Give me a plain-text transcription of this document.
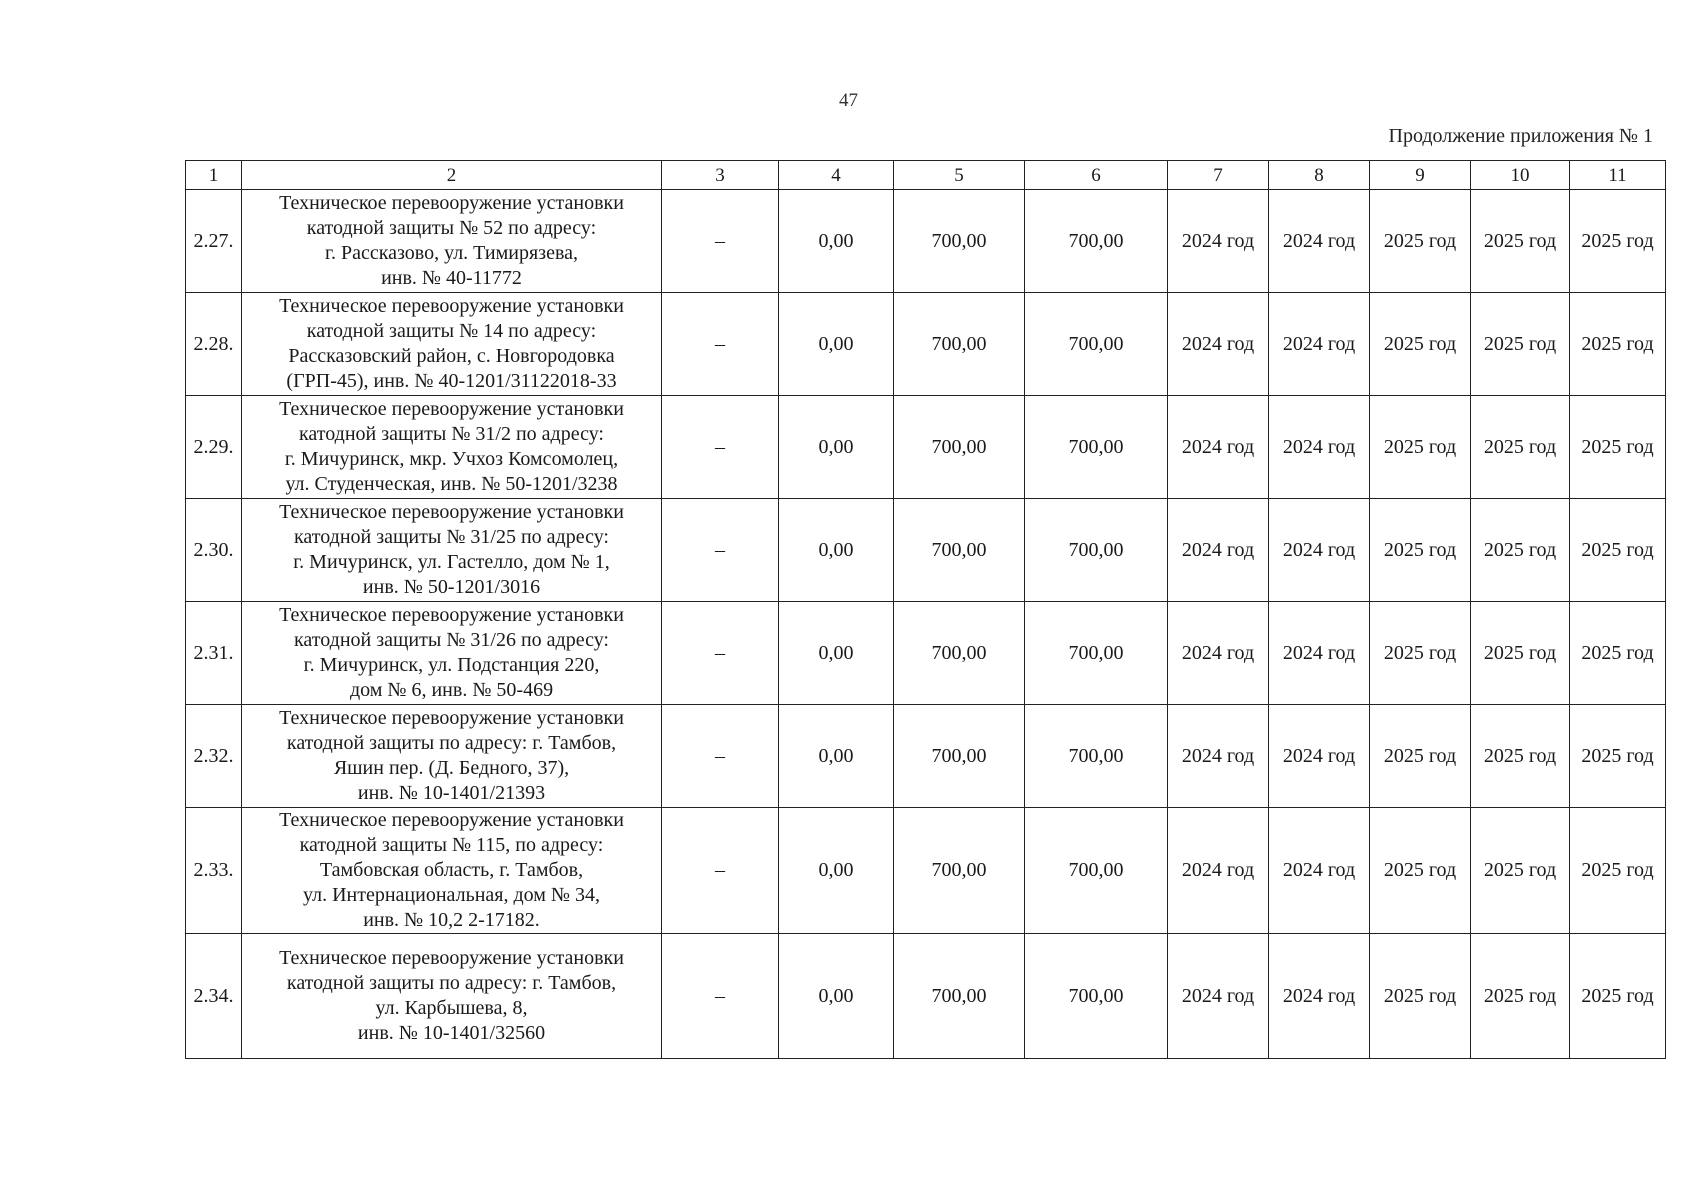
47
Продолжение приложения № 1
1	2	3	4	5	6	7	8	9	10	11
2.27.	Техническое перевооружение установки
катодной защиты № 52 по адресу:
г. Рассказово, ул. Тимирязева,
инв. № 40-11772	–	0,00	700,00	700,00	2024 год	2024 год	2025 год	2025 год	2025 год
2.28.	Техническое перевооружение установки
катодной защиты № 14 по адресу:
Рассказовский район, с. Новгородовка
(ГРП-45), инв. № 40-1201/31122018-33	–	0,00	700,00	700,00	2024 год	2024 год	2025 год	2025 год	2025 год
2.29.	Техническое перевооружение установки
катодной защиты № 31/2 по адресу:
г. Мичуринск, мкр. Учхоз Комсомолец,
ул. Студенческая, инв. № 50-1201/3238	–	0,00	700,00	700,00	2024 год	2024 год	2025 год	2025 год	2025 год
2.30.	Техническое перевооружение установки
катодной защиты № 31/25 по адресу:
г. Мичуринск, ул. Гастелло, дом № 1,
инв. № 50-1201/3016	–	0,00	700,00	700,00	2024 год	2024 год	2025 год	2025 год	2025 год
2.31.	Техническое перевооружение установки
катодной защиты № 31/26 по адресу:
г. Мичуринск, ул. Подстанция 220,
дом № 6, инв. № 50-469	–	0,00	700,00	700,00	2024 год	2024 год	2025 год	2025 год	2025 год
2.32.	Техническое перевооружение установки
катодной защиты по адресу: г. Тамбов,
Яшин пер. (Д. Бедного, 37),
инв. № 10-1401/21393	–	0,00	700,00	700,00	2024 год	2024 год	2025 год	2025 год	2025 год
2.33.	Техническое перевооружение установки
катодной защиты № 115, по адресу:
Тамбовская область, г. Тамбов,
ул. Интернациональная, дом № 34,
инв. № 10,2 2-17182.	–	0,00	700,00	700,00	2024 год	2024 год	2025 год	2025 год	2025 год
2.34.	Техническое перевооружение установки
катодной защиты по адресу: г. Тамбов,
ул. Карбышева, 8,
инв. № 10-1401/32560	–	0,00	700,00	700,00	2024 год	2024 год	2025 год	2025 год	2025 год
